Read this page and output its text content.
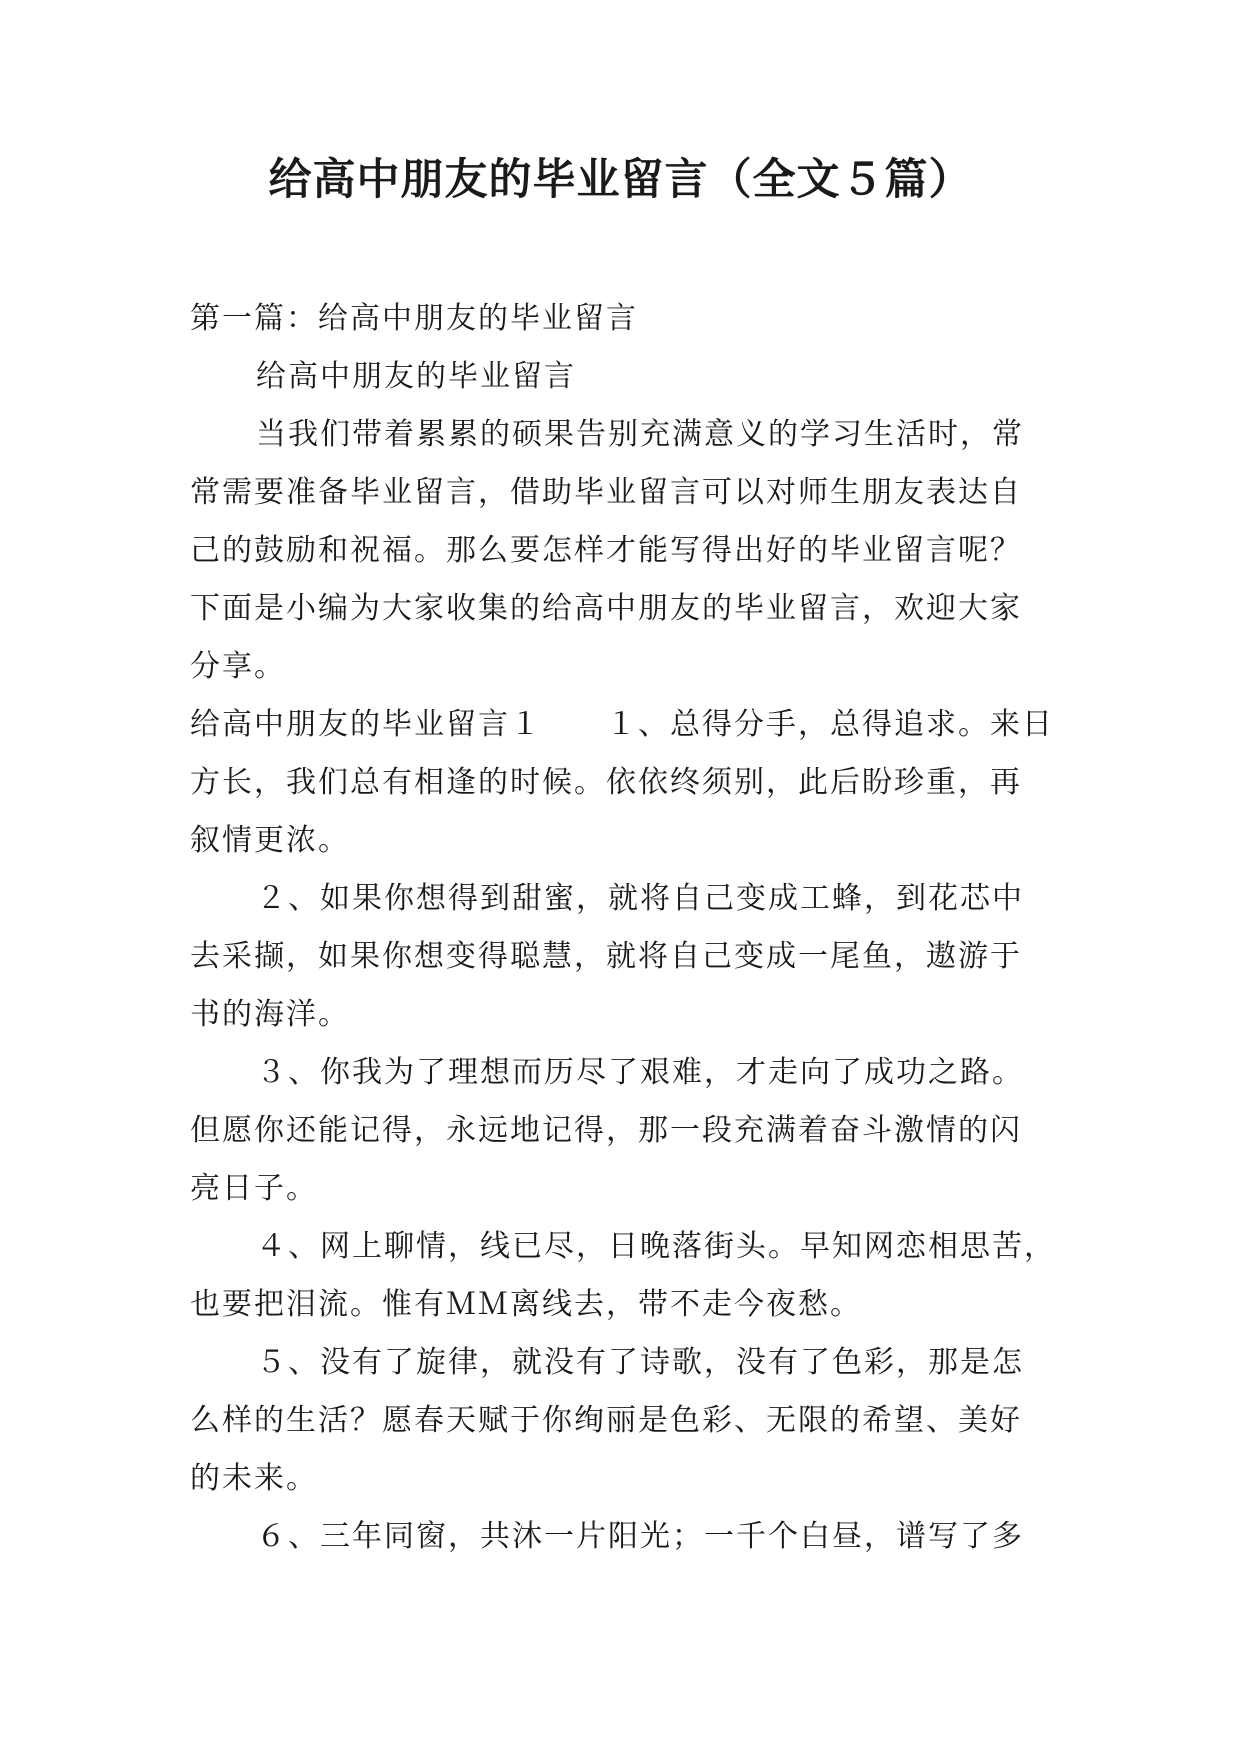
给高中朋友的毕业留言（全文５篇）
第一篇：给高中朋友的毕业留言
给高中朋友的毕业留言
当我们带着累累的硕果告别充满意义的学习生活时，常
常需要准备毕业留言，借助毕业留言可以对师生朋友表达自
己的鼓励和祝福。那么要怎样才能写得出好的毕业留言呢？
下面是小编为大家收集的给高中朋友的毕业留言，欢迎大家
分享。
给高中朋友的毕业留言１　　１、总得分手，总得追求。来日
方长，我们总有相逢的时候。依依终须别，此后盼珍重，再
叙情更浓。
２、如果你想得到甜蜜，就将自己变成工蜂，到花芯中
去采撷，如果你想变得聪慧，就将自己变成一尾鱼，遨游于
书的海洋。
３、你我为了理想而历尽了艰难，才走向了成功之路。
但愿你还能记得，永远地记得，那一段充满着奋斗激情的闪
亮日子。
４、网上聊情，线已尽，日晚落街头。早知网恋相思苦，
也要把泪流。惟有ＭＭ离线去，带不走今夜愁。
５、没有了旋律，就没有了诗歌，没有了色彩，那是怎
么样的生活？愿春天赋于你绚丽是色彩、无限的希望、美好
的未来。
６、三年同窗，共沐一片阳光；一千个白昼，谱写了多
